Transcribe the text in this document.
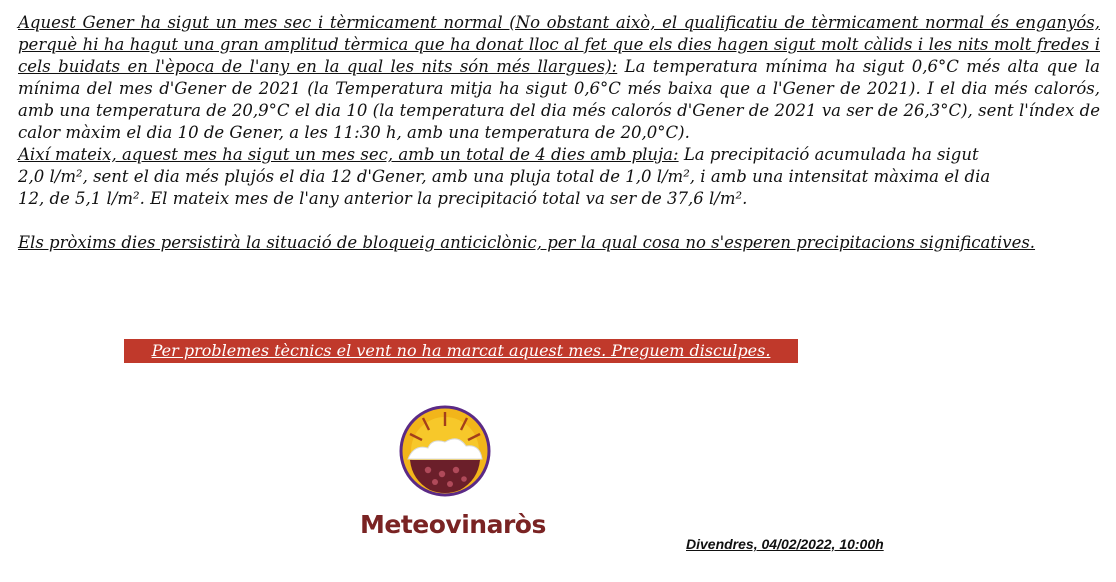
Aquest Gener ha sigut un mes sec i tèrmicament normal (No obstant això, el qualificatiu de tèrmicament normal és enganyós, perquè hi ha hagut una gran amplitud tèrmica que ha donat lloc al fet que els dies hagen sigut molt càlids i les nits molt fredes i cels buidats en l'època de l'any en la qual les nits són més llargues): La temperatura mínima ha sigut 0,6°C més alta que la mínima del mes d'Gener de 2021 (la Temperatura mitja ha sigut 0,6°C més baixa que a l'Gener de 2021). I el dia més calorós, amb una temperatura de 20,9°C el dia 10 (la temperatura del dia més calorós d'Gener de 2021 va ser de 26,3°C), sent l'índex de calor màxim el dia 10 de Gener, a les 11:30 h, amb una temperatura de 20,0°C).

Així mateix, aquest mes ha sigut un mes sec, amb un total de 4 dies amb pluja: La precipitació acumulada ha sigut 2,0 l/m², sent el dia més plujós el dia 12 d'Gener, amb una pluja total de 1,0 l/m², i amb una intensitat màxima el dia 12, de 5,1 l/m². El mateix mes de l'any anterior la precipitació total va ser de 37,6 l/m².

Els pròxims dies persistirà la situació de bloqueig anticiclònic, per la qual cosa no s'esperen precipitacions significatives.

Per problemes tècnics el vent no ha marcat aquest mes. Preguem disculpes.
Meteovinaròs
Divendres, 04/02/2022, 10:00h
